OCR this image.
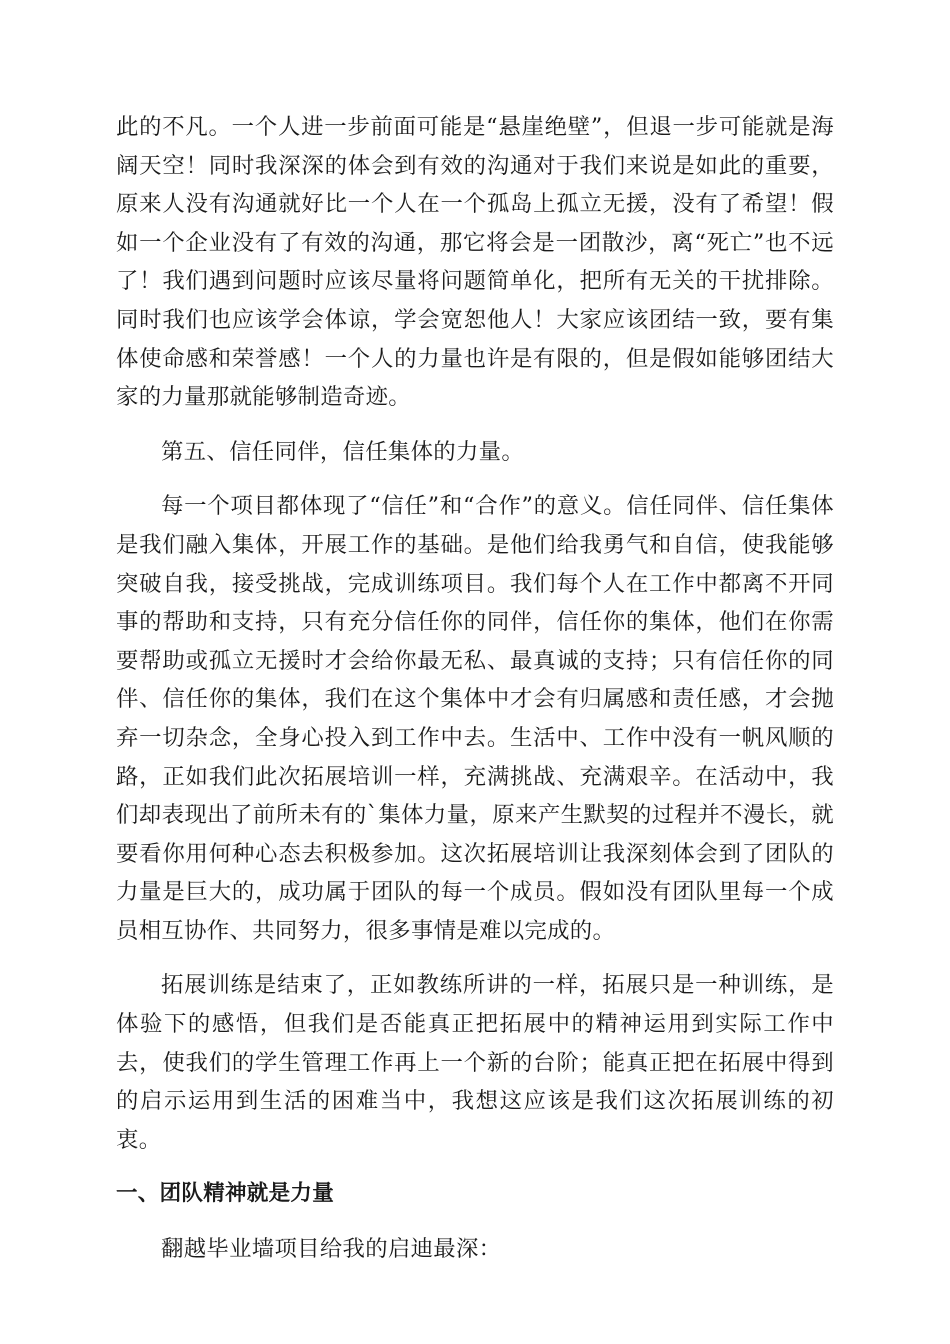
此的不凡。一个人进一步前面可能是“悬崖绝壁”，但退一步可能就是海阔天空！同时我深深的体会到有效的沟通对于我们来说是如此的重要，原来人没有沟通就好比一个人在一个孤岛上孤立无援，没有了希望！假如一个企业没有了有效的沟通，那它将会是一团散沙，离“死亡”也不远了！我们遇到问题时应该尽量将问题简单化，把所有无关的干扰排除。同时我们也应该学会体谅，学会宽恕他人！大家应该团结一致，要有集体使命感和荣誉感！一个人的力量也许是有限的，但是假如能够团结大家的力量那就能够制造奇迹。

第五、信任同伴，信任集体的力量。

每一个项目都体现了“信任”和“合作”的意义。信任同伴、信任集体是我们融入集体，开展工作的基础。是他们给我勇气和自信，使我能够突破自我，接受挑战，完成训练项目。我们每个人在工作中都离不开同事的帮助和支持，只有充分信任你的同伴，信任你的集体，他们在你需要帮助或孤立无援时才会给你最无私、最真诚的支持；只有信任你的同伴、信任你的集体，我们在这个集体中才会有归属感和责任感，才会抛弃一切杂念，全身心投入到工作中去。生活中、工作中没有一帆风顺的路，正如我们此次拓展培训一样，充满挑战、充满艰辛。在活动中，我们却表现出了前所未有的`集体力量，原来产生默契的过程并不漫长，就要看你用何种心态去积极参加。这次拓展培训让我深刻体会到了团队的力量是巨大的，成功属于团队的每一个成员。假如没有团队里每一个成员相互协作、共同努力，很多事情是难以完成的。

拓展训练是结束了，正如教练所讲的一样，拓展只是一种训练，是体验下的感悟，但我们是否能真正把拓展中的精神运用到实际工作中去，使我们的学生管理工作再上一个新的台阶；能真正把在拓展中得到的启示运用到生活的困难当中，我想这应该是我们这次拓展训练的初衷。

一、团队精神就是力量

翻越毕业墙项目给我的启迪最深：
